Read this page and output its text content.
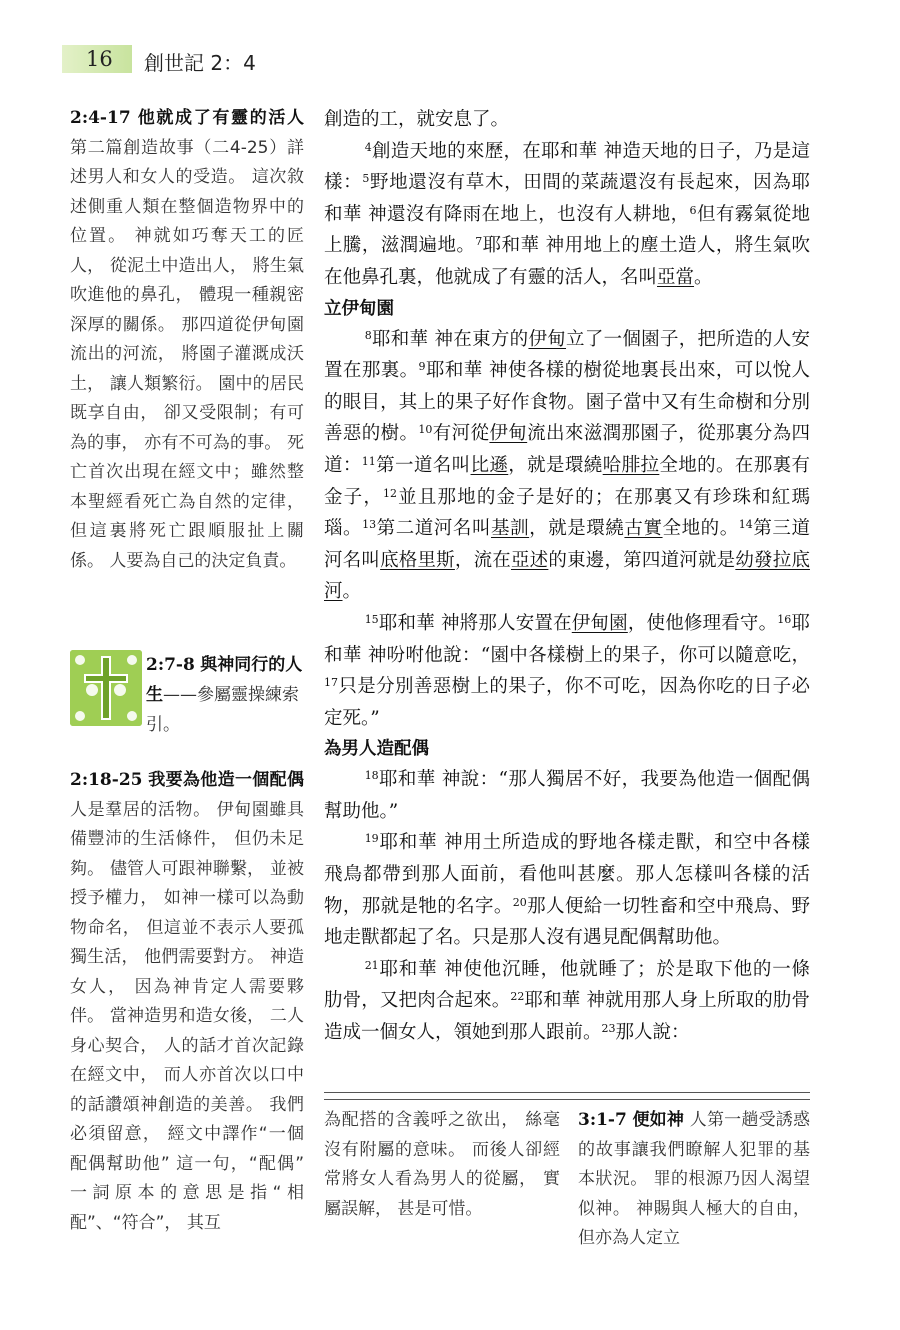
16 創世記 2：4
2:4-17 他就成了有靈的活人 第二篇創造故事（二4-25）詳述男人和女人的受造。 這次敘述側重人類在整個造物界中的位置。 神就如巧奪天工的匠人， 從泥土中造出人， 將生氣吹進他的鼻孔， 體現一種親密深厚的關係。 那四道從伊甸園流出的河流， 將園子灌溉成沃土， 讓人類繁衍。 園中的居民既享自由， 卻又受限制；有可為的事， 亦有不可為的事。 死亡首次出現在經文中；雖然整本聖經看死亡為自然的定律， 但這裏將死亡跟順服扯上關係。 人要為自己的決定負責。
2:7-8 與神同行的人生——參屬靈操練索引。
2:18-25 我要為他造一個配偶 人是羣居的活物。 伊甸園雖具備豐沛的生活條件， 但仍未足夠。 儘管人可跟神聯繫， 並被授予權力， 如神一樣可以為動物命名， 但這並不表示人要孤獨生活， 他們需要對方。 神造女人， 因為神肯定人需要夥伴。 當神造男和造女後， 二人身心契合， 人的話才首次記錄在經文中， 而人亦首次以口中的話讚頌神創造的美善。 我們必須留意， 經文中譯作“一個配偶幫助他” 這一句，“配偶” 一詞原本的意思是指“相配”、“符合”， 其互

創造的工，就安息了。

$^4$創造天地的來歷，在耶和華 神造天地的日子，乃是這樣：$^5$野地還沒有草木，田間的菜蔬還沒有長起來，因為耶和華 神還沒有降雨在地上，也沒有人耕地，$^6$但有霧氣從地上騰，滋潤遍地。$^7$耶和華 神用地上的塵土造人，將生氣吹在他鼻孔裏，他就成了有靈的活人，名叫亞當。

立伊甸園

$^8$耶和華 神在東方的伊甸立了一個園子，把所造的人安置在那裏。$^9$耶和華 神使各樣的樹從地裏長出來，可以悅人的眼目，其上的果子好作食物。園子當中又有生命樹和分別善惡的樹。$^{10}$有河從伊甸流出來滋潤那園子，從那裏分為四道：$^{11}$第一道名叫比遜，就是環繞哈腓拉全地的。在那裏有金子，$^{12}$並且那地的金子是好的；在那裏又有珍珠和紅瑪瑙。$^{13}$第二道河名叫基訓，就是環繞古實全地的。$^{14}$第三道河名叫底格里斯，流在亞述的東邊，第四道河就是幼發拉底河。

$^{15}$耶和華 神將那人安置在伊甸園，使他修理看守。$^{16}$耶和華 神吩咐他說：“園中各樣樹上的果子，你可以隨意吃，$^{17}$只是分別善惡樹上的果子，你不可吃，因為你吃的日子必定死。”

為男人造配偶

$^{18}$耶和華 神說：“那人獨居不好，我要為他造一個配偶幫助他。”

$^{19}$耶和華 神用土所造成的野地各樣走獸，和空中各樣飛鳥都帶到那人面前，看他叫甚麼。那人怎樣叫各樣的活物，那就是牠的名字。$^{20}$那人便給一切牲畜和空中飛鳥、野地走獸都起了名。只是那人沒有遇見配偶幫助他。

$^{21}$耶和華 神使他沉睡，他就睡了；於是取下他的一條肋骨，又把肉合起來。$^{22}$耶和華 神就用那人身上所取的肋骨造成一個女人，領她到那人跟前。$^{23}$那人說：

為配搭的含義呼之欲出， 絲毫沒有附屬的意味。 而後人卻經常將女人看為男人的從屬， 實屬誤解， 甚是可惜。
3:1-7 便如神 人第一趟受誘惑的故事讓我們瞭解人犯罪的基本狀況。 罪的根源乃因人渴望似神。 神賜與人極大的自由， 但亦為人定立
